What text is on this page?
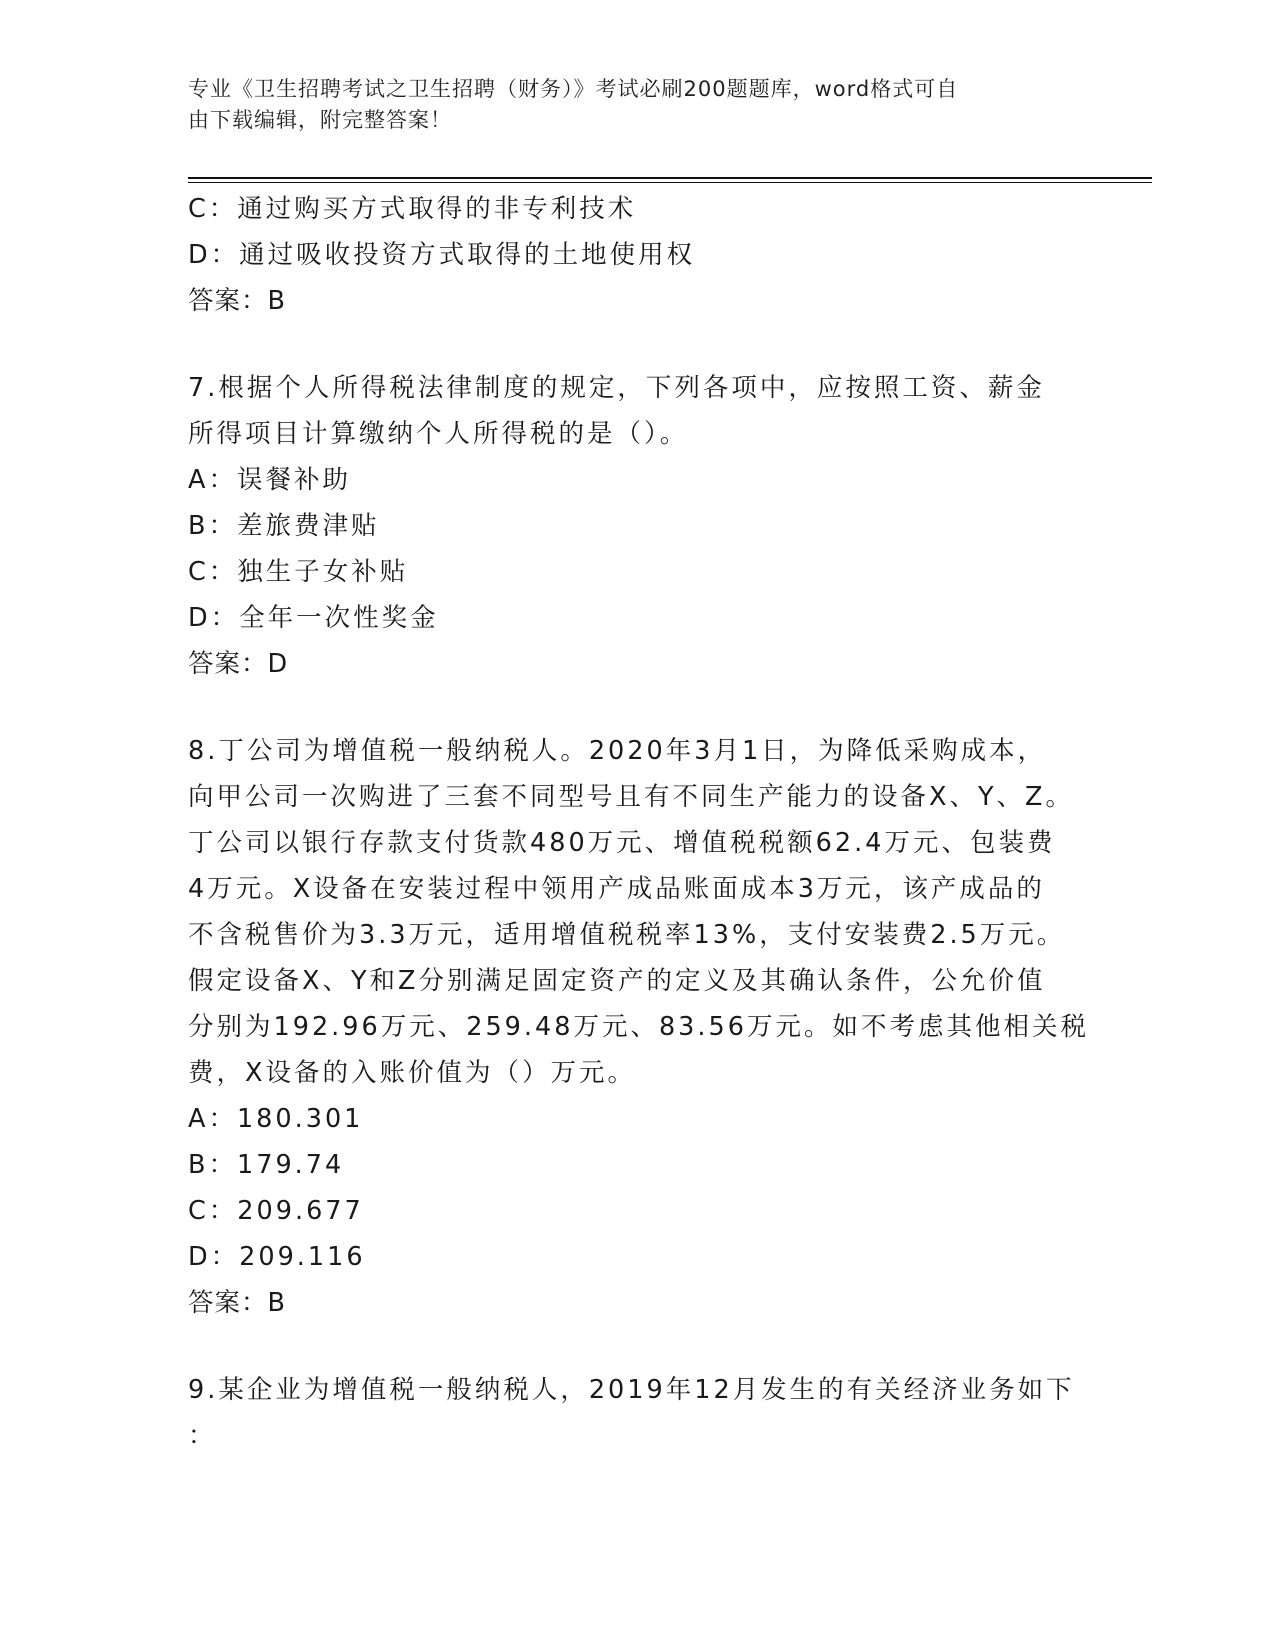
专业《卫生招聘考试之卫生招聘（财务）》考试必刷200题题库，word格式可自
由下载编辑，附完整答案！
C：通过购买方式取得的非专利技术
D：通过吸收投资方式取得的土地使用权
答案：B
7.根据个人所得税法律制度的规定，下列各项中，应按照工资、薪金
所得项目计算缴纳个人所得税的是（）。
A：误餐补助
B：差旅费津贴
C：独生子女补贴
D：全年一次性奖金
答案：D
8.丁公司为增值税一般纳税人。2020年3月1日，为降低采购成本，
向甲公司一次购进了三套不同型号且有不同生产能力的设备X、Y、Z。
丁公司以银行存款支付货款480万元、增值税税额62.4万元、包装费
4万元。X设备在安装过程中领用产成品账面成本3万元，该产成品的
不含税售价为3.3万元，适用增值税税率13%，支付安装费2.5万元。
假定设备X、Y和Z分别满足固定资产的定义及其确认条件，公允价值
分别为192.96万元、259.48万元、83.56万元。如不考虑其他相关税
费，X设备的入账价值为（）万元。
A：180.301
B：179.74
C：209.677
D：209.116
答案：B
9.某企业为增值税一般纳税人，2019年12月发生的有关经济业务如下
：
